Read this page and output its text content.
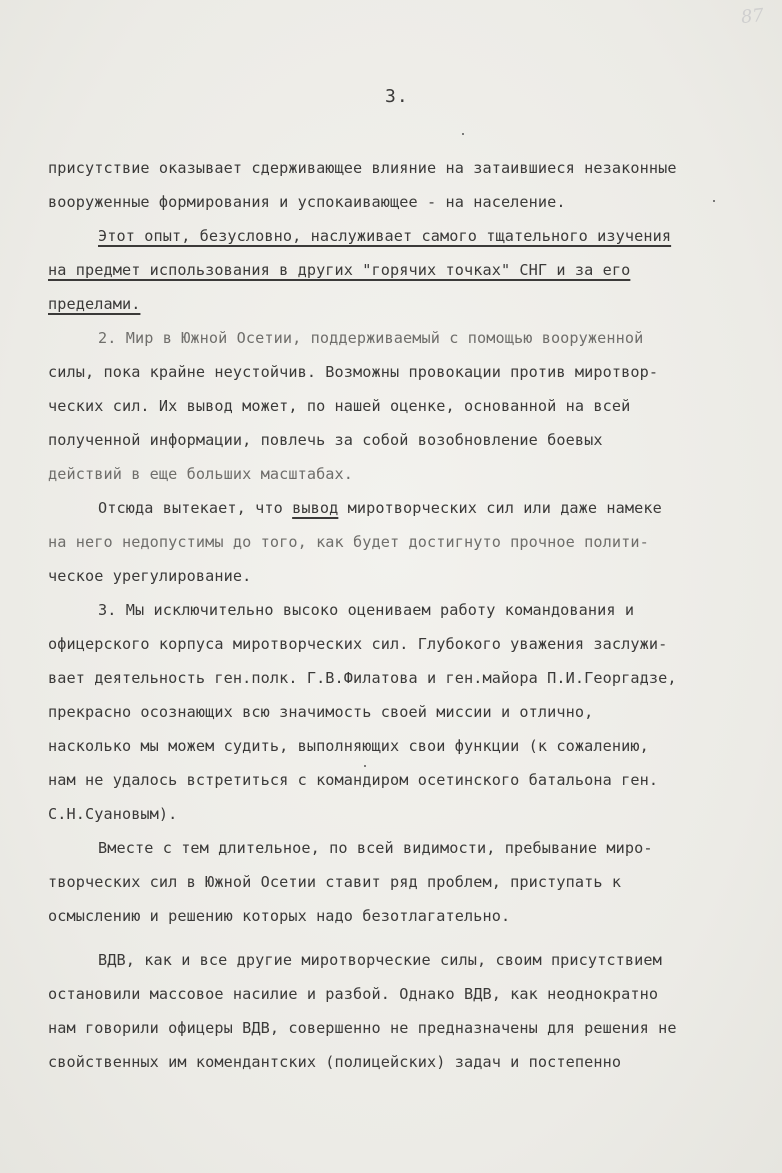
87
3.
присутствие оказывает сдерживающее влияние на затаившиеся незаконные
вооруженные формирования и успокаивающее - на население.
Этот опыт, безусловно, наслуживает самого тщательного изучения
на предмет использования в других "горячих точках" СНГ и за его
пределами.
2. Мир в Южной Осетии, поддерживаемый с помощью вооруженной
силы, пока крайне неустойчив. Возможны провокации против миротвор-
ческих сил. Их вывод может, по нашей оценке, основанной на всей
полученной информации, повлечь за собой возобновление боевых
действий в еще больших масштабах.
Отсюда вытекает, что вывод миротворческих сил или даже намеке
на него недопустимы до того, как будет достигнуто прочное полити-
ческое урегулирование.
3. Мы исключительно высоко оцениваем работу командования и
офицерского корпуса миротворческих сил. Глубокого уважения заслужи-
вает деятельность ген.полк. Г.В.Филатова и ген.майора П.И.Георгадзе,
прекрасно осознающих всю значимость своей миссии и отлично,
насколько мы можем судить, выполняющих свои функции (к сожалению,
нам не удалось встретиться с командиром осетинского батальона ген.
С.Н.Суановым).
Вместе с тем длительное, по всей видимости, пребывание миро-
творческих сил в Южной Осетии ставит ряд проблем, приступать к
осмыслению и решению которых надо безотлагательно.
ВДВ, как и все другие миротворческие силы, своим присутствием
остановили массовое насилие и разбой. Однако ВДВ, как неоднократно
нам говорили офицеры ВДВ, совершенно не предназначены для решения не
свойственных им комендантских (полицейских) задач и постепенно
